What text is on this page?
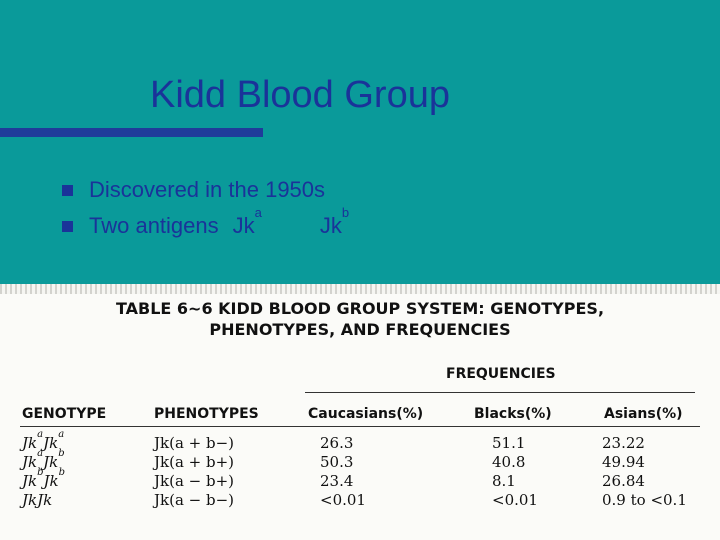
Kidd Blood Group
Discovered in the 1950s
Two antigens Jk$^a$
Jk$^b$
TABLE 6~6 KIDD BLOOD GROUP SYSTEM: GENOTYPES,
PHENOTYPES, AND FREQUENCIES
FREQUENCIES
GENOTYPE	PHENOTYPES	Caucasians(%)	Blacks(%)	Asians(%)
Jk$^a$Jk$^a$	Jk(a + b−)	26.3	51.1	23.22
Jk$^a$Jk$^b$	Jk(a + b+)	50.3	40.8	49.94
Jk$^b$Jk$^b$	Jk(a − b+)	23.4	8.1	26.84
JkJk	Jk(a − b−)	<0.01	<0.01	0.9 to <0.1
